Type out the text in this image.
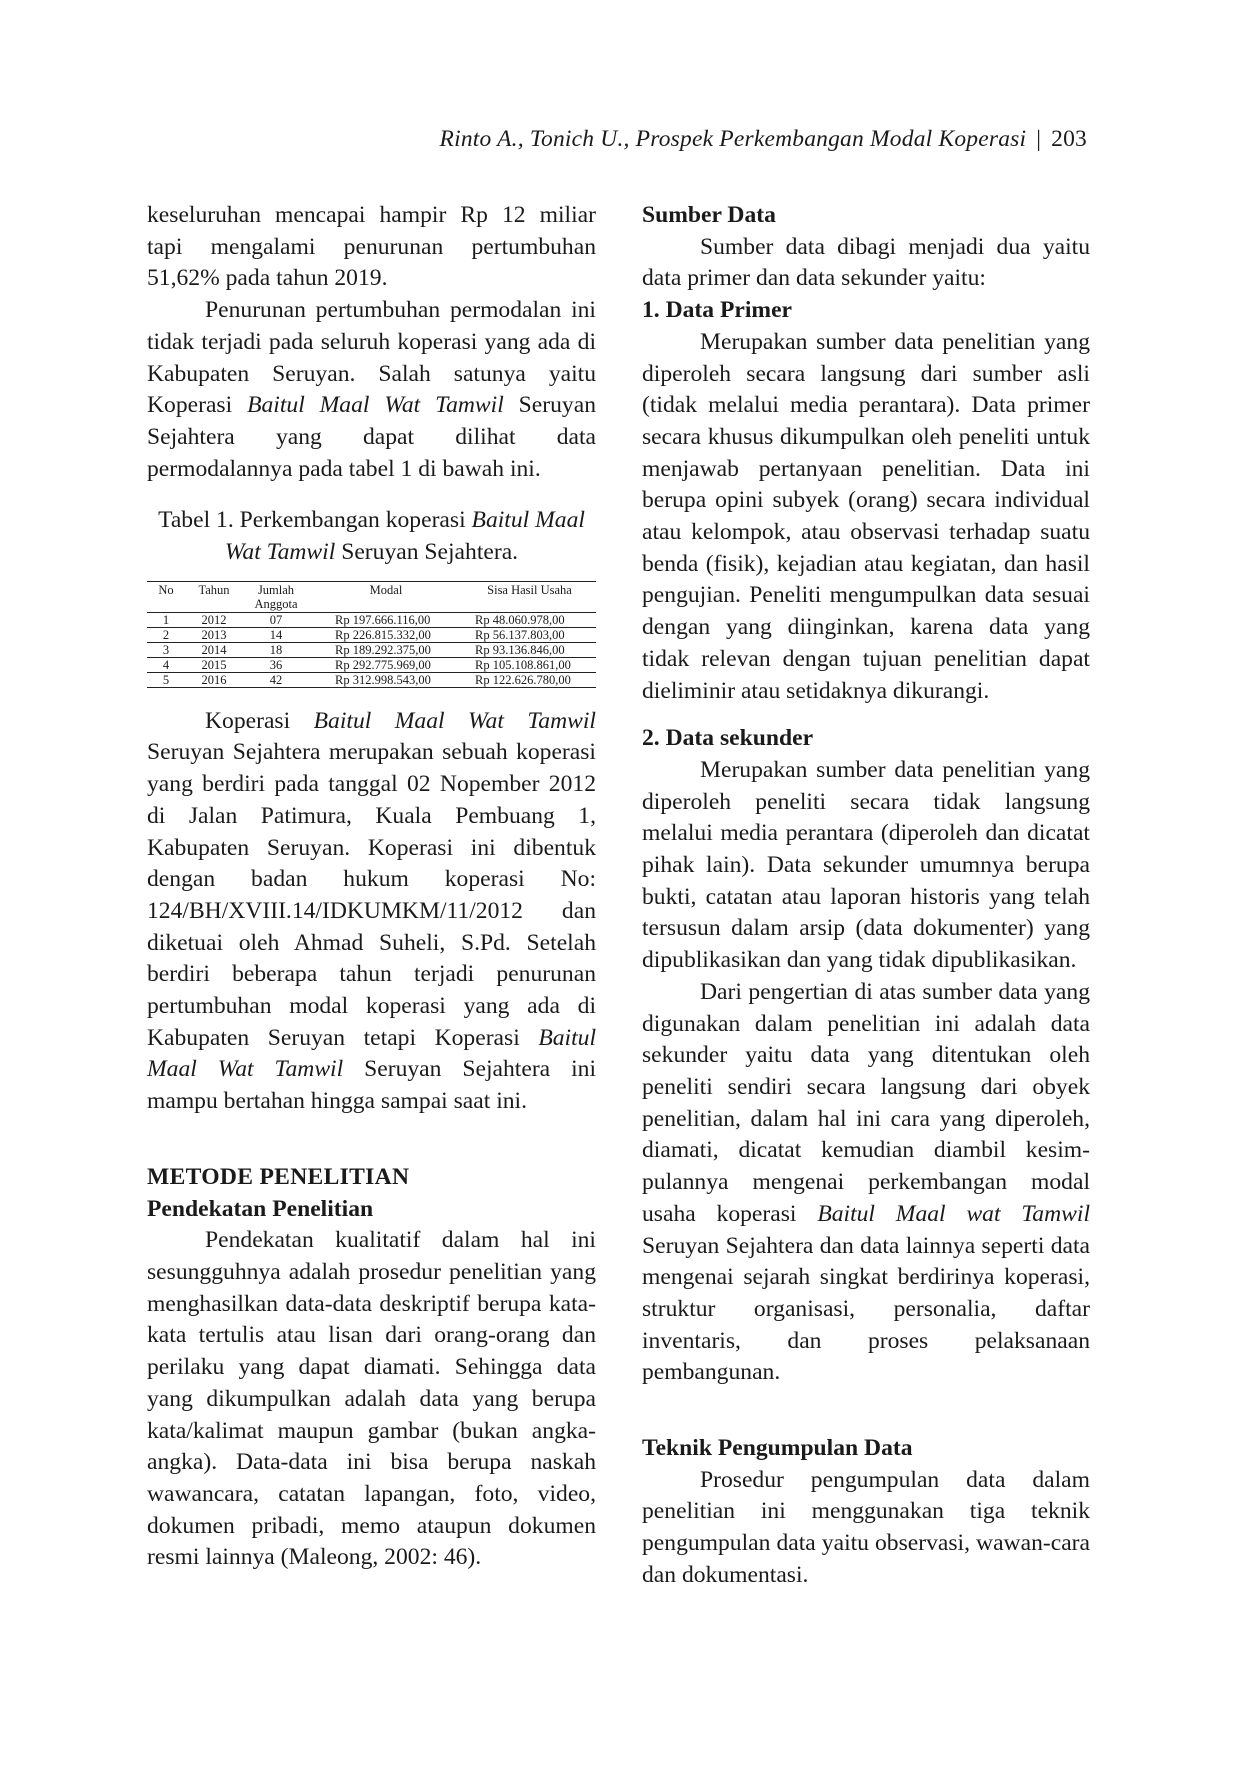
Rinto A., Tonich U., Prospek Perkembangan Modal Koperasi | 203

keseluruhan mencapai hampir Rp 12 miliar tapi mengalami penurunan pertumbuhan 51,62% pada tahun 2019.

Penurunan pertumbuhan permodalan ini tidak terjadi pada seluruh koperasi yang ada di Kabupaten Seruyan. Salah satunya yaitu Koperasi Baitul Maal Wat Tamwil Seruyan Sejahtera yang dapat dilihat data permodalannya pada tabel 1 di bawah ini.

Tabel 1. Perkembangan koperasi Baitul Maal
Wat Tamwil Seruyan Sejahtera.
No	Tahun	Jumlah Anggota	Modal	Sisa Hasil Usaha
1	2012	07	Rp 197.666.116,00	Rp 48.060.978,00
2	2013	14	Rp 226.815.332,00	Rp 56.137.803,00
3	2014	18	Rp 189.292.375,00	Rp 93.136.846,00
4	2015	36	Rp 292.775.969,00	Rp 105.108.861,00
5	2016	42	Rp 312.998.543,00	Rp 122.626.780,00

Koperasi Baitul Maal Wat Tamwil Seruyan Sejahtera merupakan sebuah koperasi yang berdiri pada tanggal 02 Nopember 2012 di Jalan Patimura, Kuala Pembuang 1, Kabupaten Seruyan. Koperasi ini dibentuk dengan badan hukum koperasi No: 124/BH/XVIII.14/IDKUMKM/11/2012 dan diketuai oleh Ahmad Suheli, S.Pd. Setelah berdiri beberapa tahun terjadi penurunan pertumbuhan modal koperasi yang ada di Kabupaten Seruyan tetapi Koperasi Baitul Maal Wat Tamwil Seruyan Sejahtera ini mampu bertahan hingga sampai saat ini.

METODE PENELITIAN
Pendekatan Penelitian

Pendekatan kualitatif dalam hal ini sesungguhnya adalah prosedur penelitian yang menghasilkan data-data deskriptif berupa kata-kata tertulis atau lisan dari orang-orang dan perilaku yang dapat diamati. Sehingga data yang dikumpulkan adalah data yang berupa kata/kalimat maupun gambar (bukan angka-angka). Data-data ini bisa berupa naskah wawancara, catatan lapangan, foto, video, dokumen pribadi, memo ataupun dokumen resmi lainnya (Maleong, 2002: 46).

Sumber Data

Sumber data dibagi menjadi dua yaitu data primer dan data sekunder yaitu:

1. Data Primer

Merupakan sumber data penelitian yang diperoleh secara langsung dari sumber asli (tidak melalui media perantara). Data primer secara khusus dikumpulkan oleh peneliti untuk menjawab pertanyaan penelitian. Data ini berupa opini subyek (orang) secara individual atau kelompok, atau observasi terhadap suatu benda (fisik), kejadian atau kegiatan, dan hasil pengujian. Peneliti mengumpulkan data sesuai dengan yang diinginkan, karena data yang tidak relevan dengan tujuan penelitian dapat dieliminir atau setidaknya dikurangi.

2. Data sekunder

Merupakan sumber data penelitian yang diperoleh peneliti secara tidak langsung melalui media perantara (diperoleh dan dicatat pihak lain). Data sekunder umumnya berupa bukti, catatan atau laporan historis yang telah tersusun dalam arsip (data dokumenter) yang dipublikasikan dan yang tidak dipublikasikan.

Dari pengertian di atas sumber data yang digunakan dalam penelitian ini adalah data sekunder yaitu data yang ditentukan oleh peneliti sendiri secara langsung dari obyek penelitian, dalam hal ini cara yang diperoleh, diamati, dicatat kemudian diambil kesim-pulannya mengenai perkembangan modal usaha koperasi Baitul Maal wat Tamwil Seruyan Sejahtera dan data lainnya seperti data mengenai sejarah singkat berdirinya koperasi, struktur organisasi, personalia, daftar inventaris, dan proses pelaksanaan pembangunan.

Teknik Pengumpulan Data

Prosedur pengumpulan data dalam penelitian ini menggunakan tiga teknik pengumpulan data yaitu observasi, wawan-cara dan dokumentasi.
